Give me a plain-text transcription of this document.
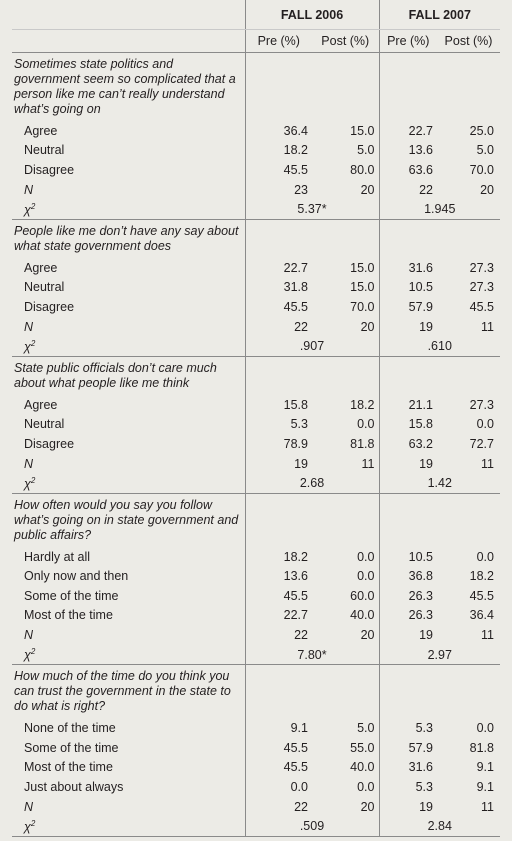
	FALL 2006		FALL 2007	
	Pre (%)	Post (%)	Pre (%)	Post (%)
Sometimes state politics and government seem so complicated that a person like me can’t really understand what’s going on				
Agree	36.4	15.0	22.7	25.0
Neutral	18.2	5.0	13.6	5.0
Disagree	45.5	80.0	63.6	70.0
N	23	20	22	20
$\chi^2$	5.37*		1.945	
People like me don’t have any say about what state government does				
Agree	22.7	15.0	31.6	27.3
Neutral	31.8	15.0	10.5	27.3
Disagree	45.5	70.0	57.9	45.5
N	22	20	19	11
$\chi^2$	.907		.610	
State public officials don’t care much about what people like me think				
Agree	15.8	18.2	21.1	27.3
Neutral	5.3	0.0	15.8	0.0
Disagree	78.9	81.8	63.2	72.7
N	19	11	19	11
$\chi^2$	2.68		1.42	
How often would you say you follow what’s going on in state government and public affairs?				
Hardly at all	18.2	0.0	10.5	0.0
Only now and then	13.6	0.0	36.8	18.2
Some of the time	45.5	60.0	26.3	45.5
Most of the time	22.7	40.0	26.3	36.4
N	22	20	19	11
$\chi^2$	7.80*		2.97	
How much of the time do you think you can trust the government in the state to do what is right?				
None of the time	9.1	5.0	5.3	0.0
Some of the time	45.5	55.0	57.9	81.8
Most of the time	45.5	40.0	31.6	9.1
Just about always	0.0	0.0	5.3	9.1
N	22	20	19	11
$\chi^2$	.509		2.84	
